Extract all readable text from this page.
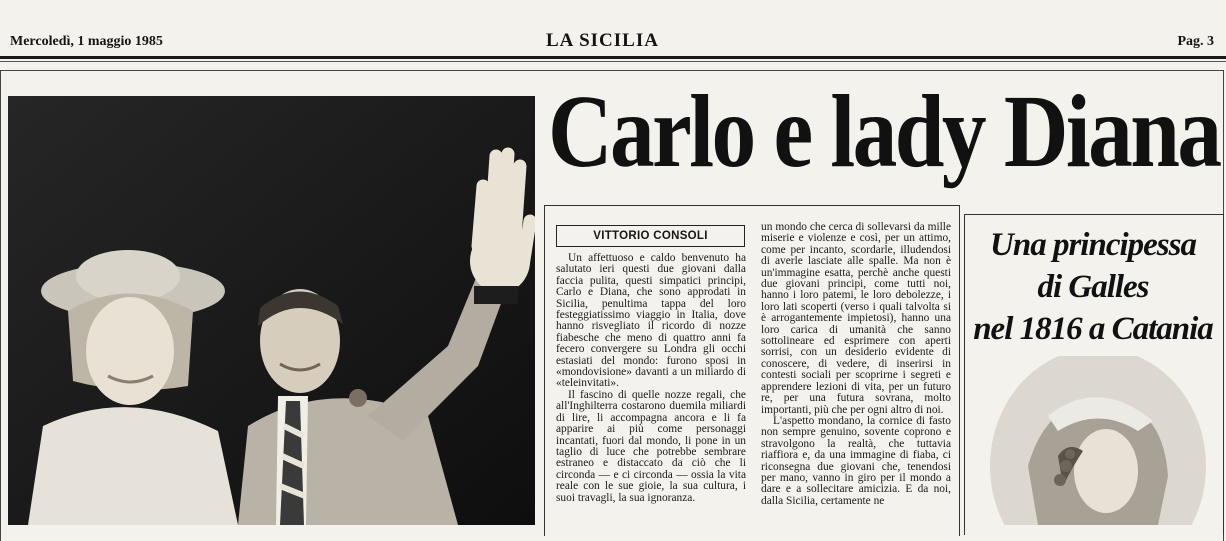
Mercoledì, 1 maggio 1985	LA SICILIA	Pag. 3
Carlo e lady Diana
VITTORIO CONSOLI

Un affettuoso e caldo benvenuto ha salutato ieri questi due giovani dalla faccia pulita, questi simpatici principi, Carlo e Diana, che sono approdati in Sicilia, penultima tappa del loro festeggiatissimo viaggio in Italia, dove hanno risvegliato il ricordo di nozze fiabesche che meno di quattro anni fa fecero convergere su Londra gli occhi estasiati del mondo: furono sposi in «mondovisione» davanti a un miliardo di «teleinvitati».

Il fascino di quelle nozze regali, che all'Inghilterra costarono duemila miliardi di lire, li accompagna ancora e li fa apparire ai più come personaggi incantati, fuori dal mondo, li pone in un taglio di luce che potrebbe sembrare estraneo e distaccato da ciò che li circonda — e ci circonda — ossia la vita reale con le sue gioie, la sua cultura, i suoi travagli, la sua ignoranza.

un mondo che cerca di sollevarsi da mille miserie e violenze e così, per un attimo, come per incanto, scordarle, illudendosi di averle lasciate alle spalle. Ma non è un'immagine esatta, perchè anche questi due giovani principi, come tutti noi, hanno i loro patemi, le loro debolezze, i loro lati scoperti (verso i quali talvolta si è arrogantemente impietosi), hanno una loro carica di umanità che sanno sottolineare ed esprimere con aperti sorrisi, con un desiderio evidente di conoscere, di vedere, di inserirsi in contesti sociali per scoprirne i segreti e apprendere lezioni di vita, per un futuro re, per una futura sovrana, molto importanti, più che per ogni altro di noi.

L'aspetto mondano, la cornice di fasto non sempre genuino, sovente coprono e stravolgono la realtà, che tuttavia riaffiora e, da una immagine di fiaba, ci riconsegna due giovani che, tenendosi per mano, vanno in giro per il mondo a dare e a sollecitare amicizia. E da noi, dalla Sicilia, certamente ne

Una principessa
di Galles
nel 1816 a Catania
